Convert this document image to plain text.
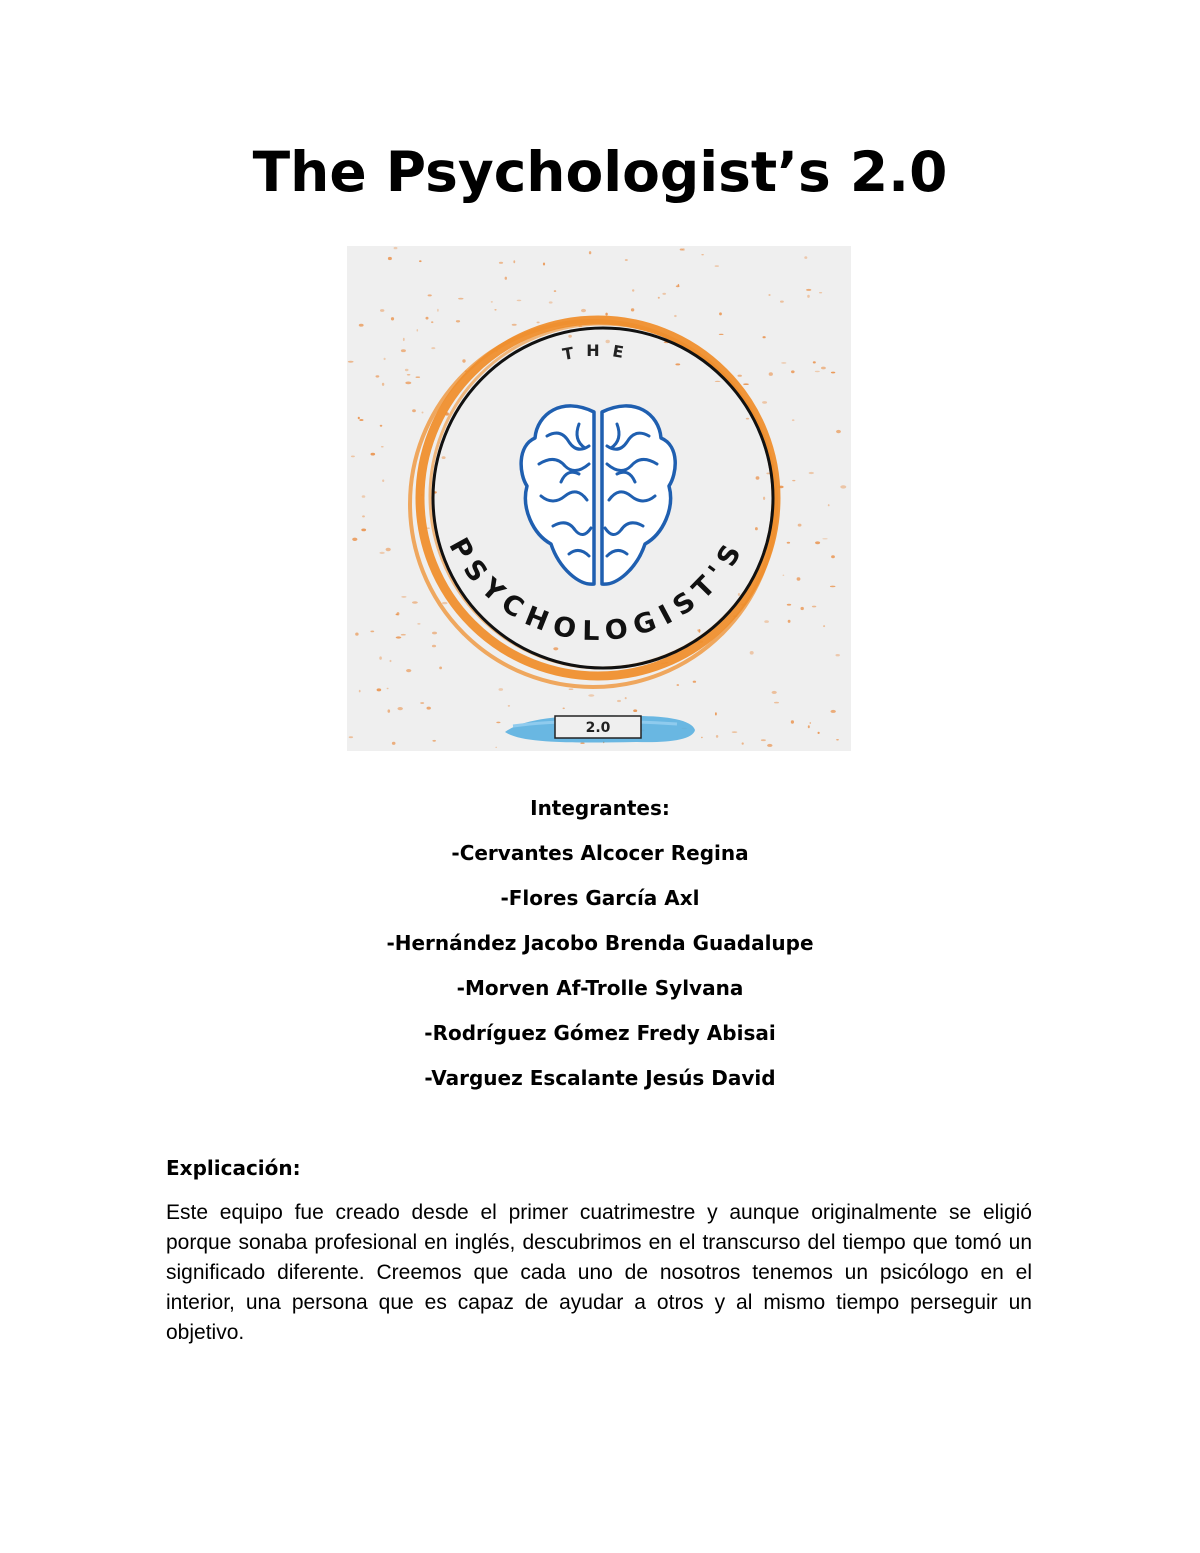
The Psychologist’s 2.0
THE
PSYCHOLOGIST'S
2.0

Integrantes:

-Cervantes Alcocer Regina

-Flores García Axl

-Hernández Jacobo Brenda Guadalupe

-Morven Af-Trolle Sylvana

-Rodríguez Gómez Fredy Abisai

-Varguez Escalante Jesús David

Explicación:

Este equipo fue creado desde el primer cuatrimestre y aunque originalmente se eligió porque sonaba profesional en inglés, descubrimos en el transcurso del tiempo que tomó un significado diferente. Creemos que cada uno de nosotros tenemos un psicólogo en el interior, una persona que es capaz de ayudar a otros y al mismo tiempo perseguir un objetivo.
